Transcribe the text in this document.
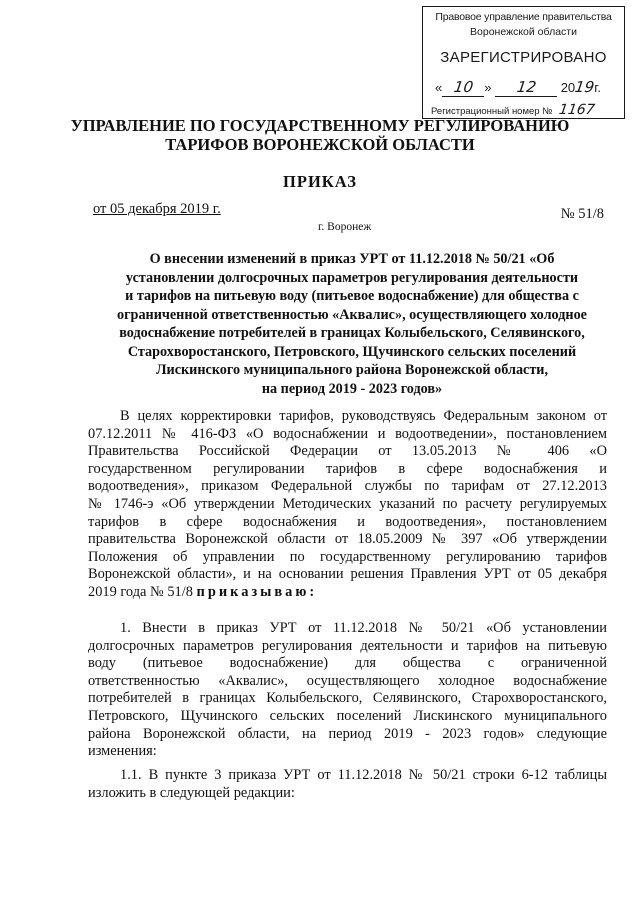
Правовое управление правительства
Воронежской области
ЗАРЕГИСТРИРОВАНО
« 10 » 12 2019г.
Регистрационный номер № 1167
УПРАВЛЕНИЕ ПО ГОСУДАРСТВЕННОМУ РЕГУЛИРОВАНИЮ
ТАРИФОВ ВОРОНЕЖСКОЙ ОБЛАСТИ
ПРИКАЗ
от 05 декабря 2019 г.	№ 51/8
г. Воронеж
О внесении изменений в приказ УРТ от 11.12.2018 № 50/21 «Об
установлении долгосрочных параметров регулирования деятельности
и тарифов на питьевую воду (питьевое водоснабжение) для общества с
ограниченной ответственностью «Аквалис», осуществляющего холодное
водоснабжение потребителей в границах Колыбельского, Селявинского,
Старохворостанского, Петровского, Щучинского сельских поселений
Лискинского муниципального района Воронежской области,
на период 2019 - 2023 годов»
В целях корректировки тарифов, руководствуясь Федеральным законом от
07.12.2011 № 416-ФЗ «О водоснабжении и водоотведении», постановлением
Правительства Российской Федерации от 13.05.2013 № 406 «О
государственном регулировании тарифов в сфере водоснабжения и
водоотведения», приказом Федеральной службы по тарифам от 27.12.2013
№ 1746-э «Об утверждении Методических указаний по расчету регулируемых
тарифов в сфере водоснабжения и водоотведения», постановлением
правительства Воронежской области от 18.05.2009 № 397 «Об утверждении
Положения об управлении по государственному регулированию тарифов
Воронежской области», и на основании решения Правления УРТ от 05 декабря
2019 года № 51/8 приказываю:
1. Внести в приказ УРТ от 11.12.2018 № 50/21 «Об установлении
долгосрочных параметров регулирования деятельности и тарифов на питьевую
воду (питьевое водоснабжение) для общества с ограниченной
ответственностью «Аквалис», осуществляющего холодное водоснабжение
потребителей в границах Колыбельского, Селявинского, Старохворостанского,
Петровского, Щучинского сельских поселений Лискинского муниципального
района Воронежской области, на период 2019 - 2023 годов» следующие
изменения:
1.1. В пункте 3 приказа УРТ от 11.12.2018 № 50/21 строки 6-12 таблицы
изложить в следующей редакции:
